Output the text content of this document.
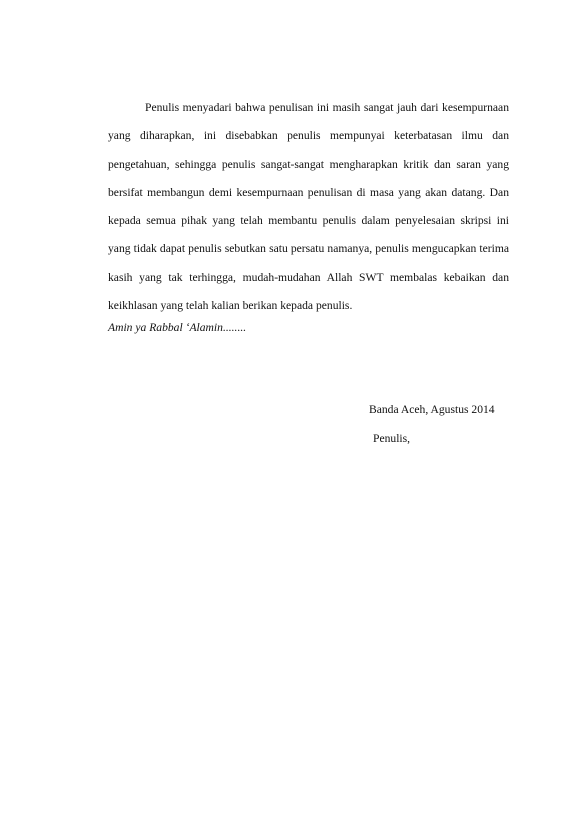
Penulis menyadari bahwa penulisan ini masih sangat jauh dari kesempurnaan yang diharapkan, ini disebabkan penulis mempunyai keterbatasan ilmu dan pengetahuan, sehingga penulis sangat-sangat mengharapkan kritik dan saran yang bersifat membangun demi kesempurnaan penulisan di masa yang akan datang. Dan kepada semua pihak yang telah membantu penulis dalam penyelesaian skripsi ini yang tidak dapat penulis sebutkan satu persatu namanya, penulis mengucapkan terima kasih yang tak terhingga, mudah-mudahan Allah SWT membalas kebaikan dan keikhlasan yang telah kalian berikan kepada penulis.

Amin ya Rabbal ‘Alamin........

Banda Aceh, Agustus 2014
Penulis,
